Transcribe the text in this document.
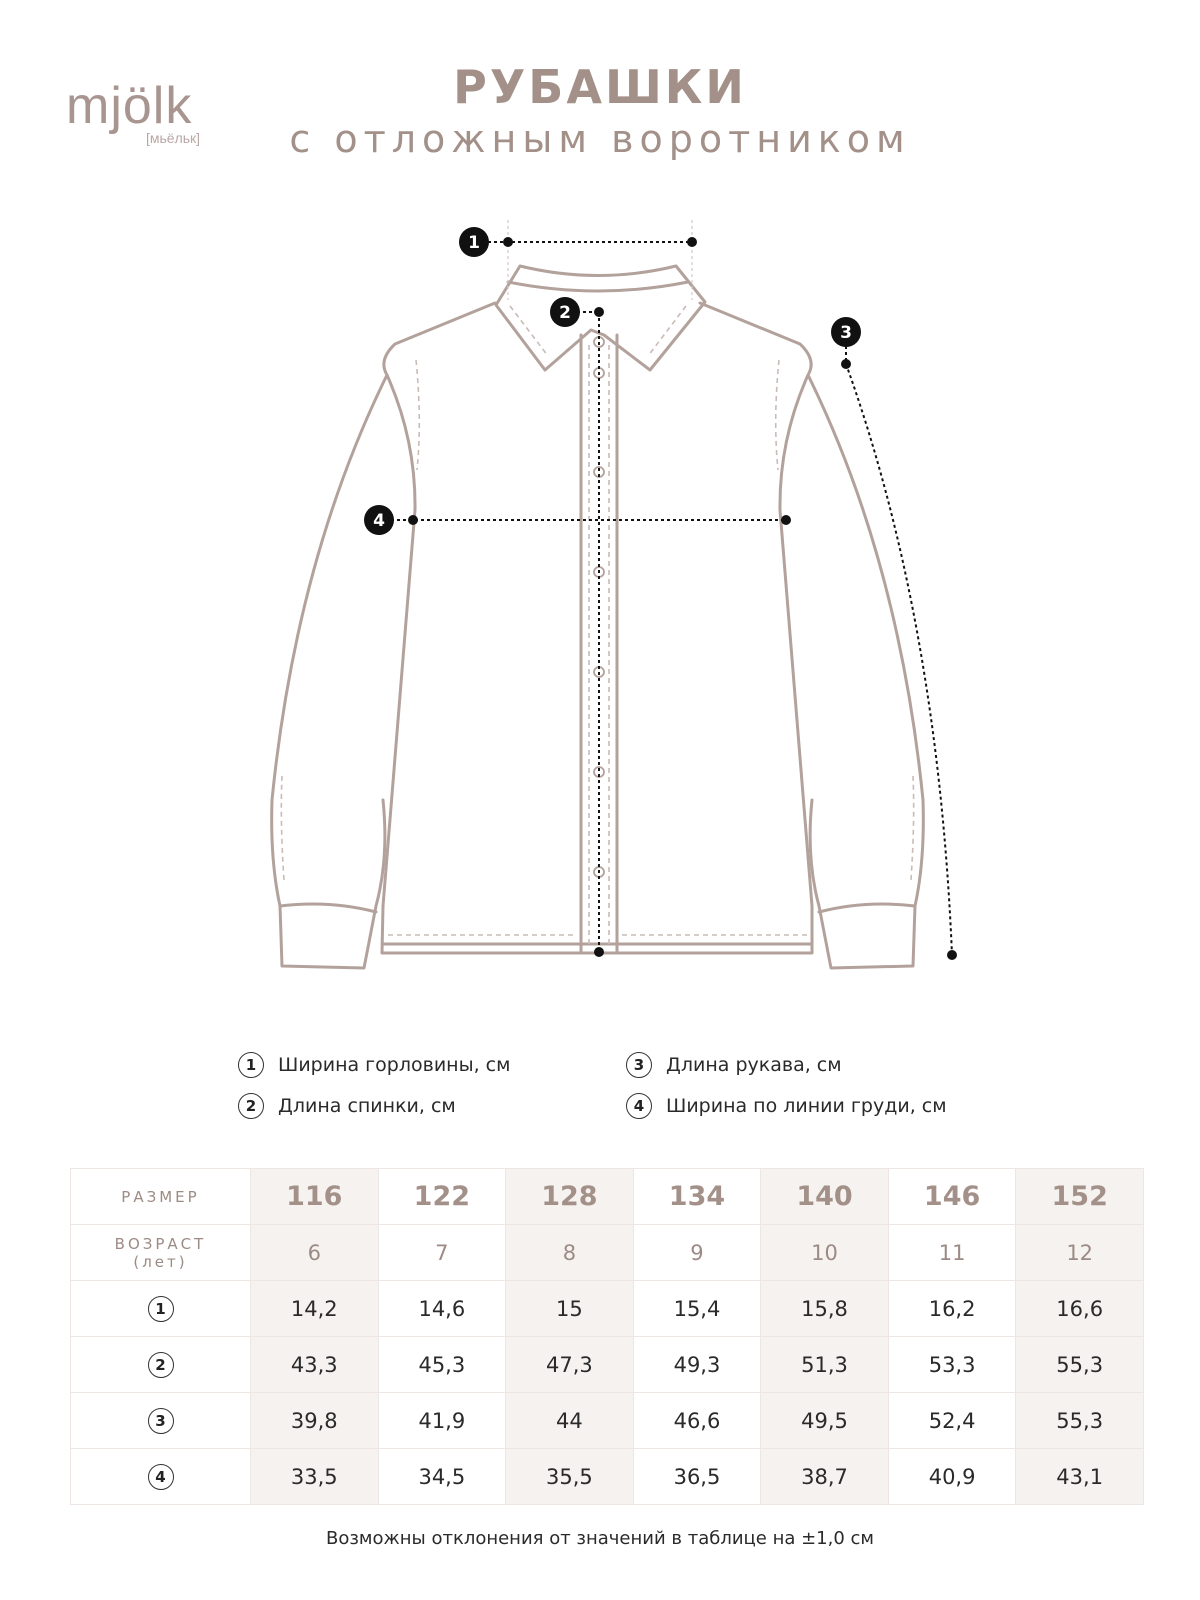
mjölk
[мьёльк]
РУБАШКИ
с отложным воротником
1
2
3
4
1	Ширина горловины, см
2	Длина спинки, см
3	Длина рукава, см
4	Ширина по линии груди, см
РАЗМЕР	116	122	128	134	140	146	152

ВОЗРАСТ
(лет)	6	7	8	9	10	11	12
1	14,2	14,6	15	15,4	15,8	16,2	16,6
2	43,3	45,3	47,3	49,3	51,3	53,3	55,3
3	39,8	41,9	44	46,6	49,5	52,4	55,3
4	33,5	34,5	35,5	36,5	38,7	40,9	43,1
Возможны отклонения от значений в таблице на ±1,0 см
